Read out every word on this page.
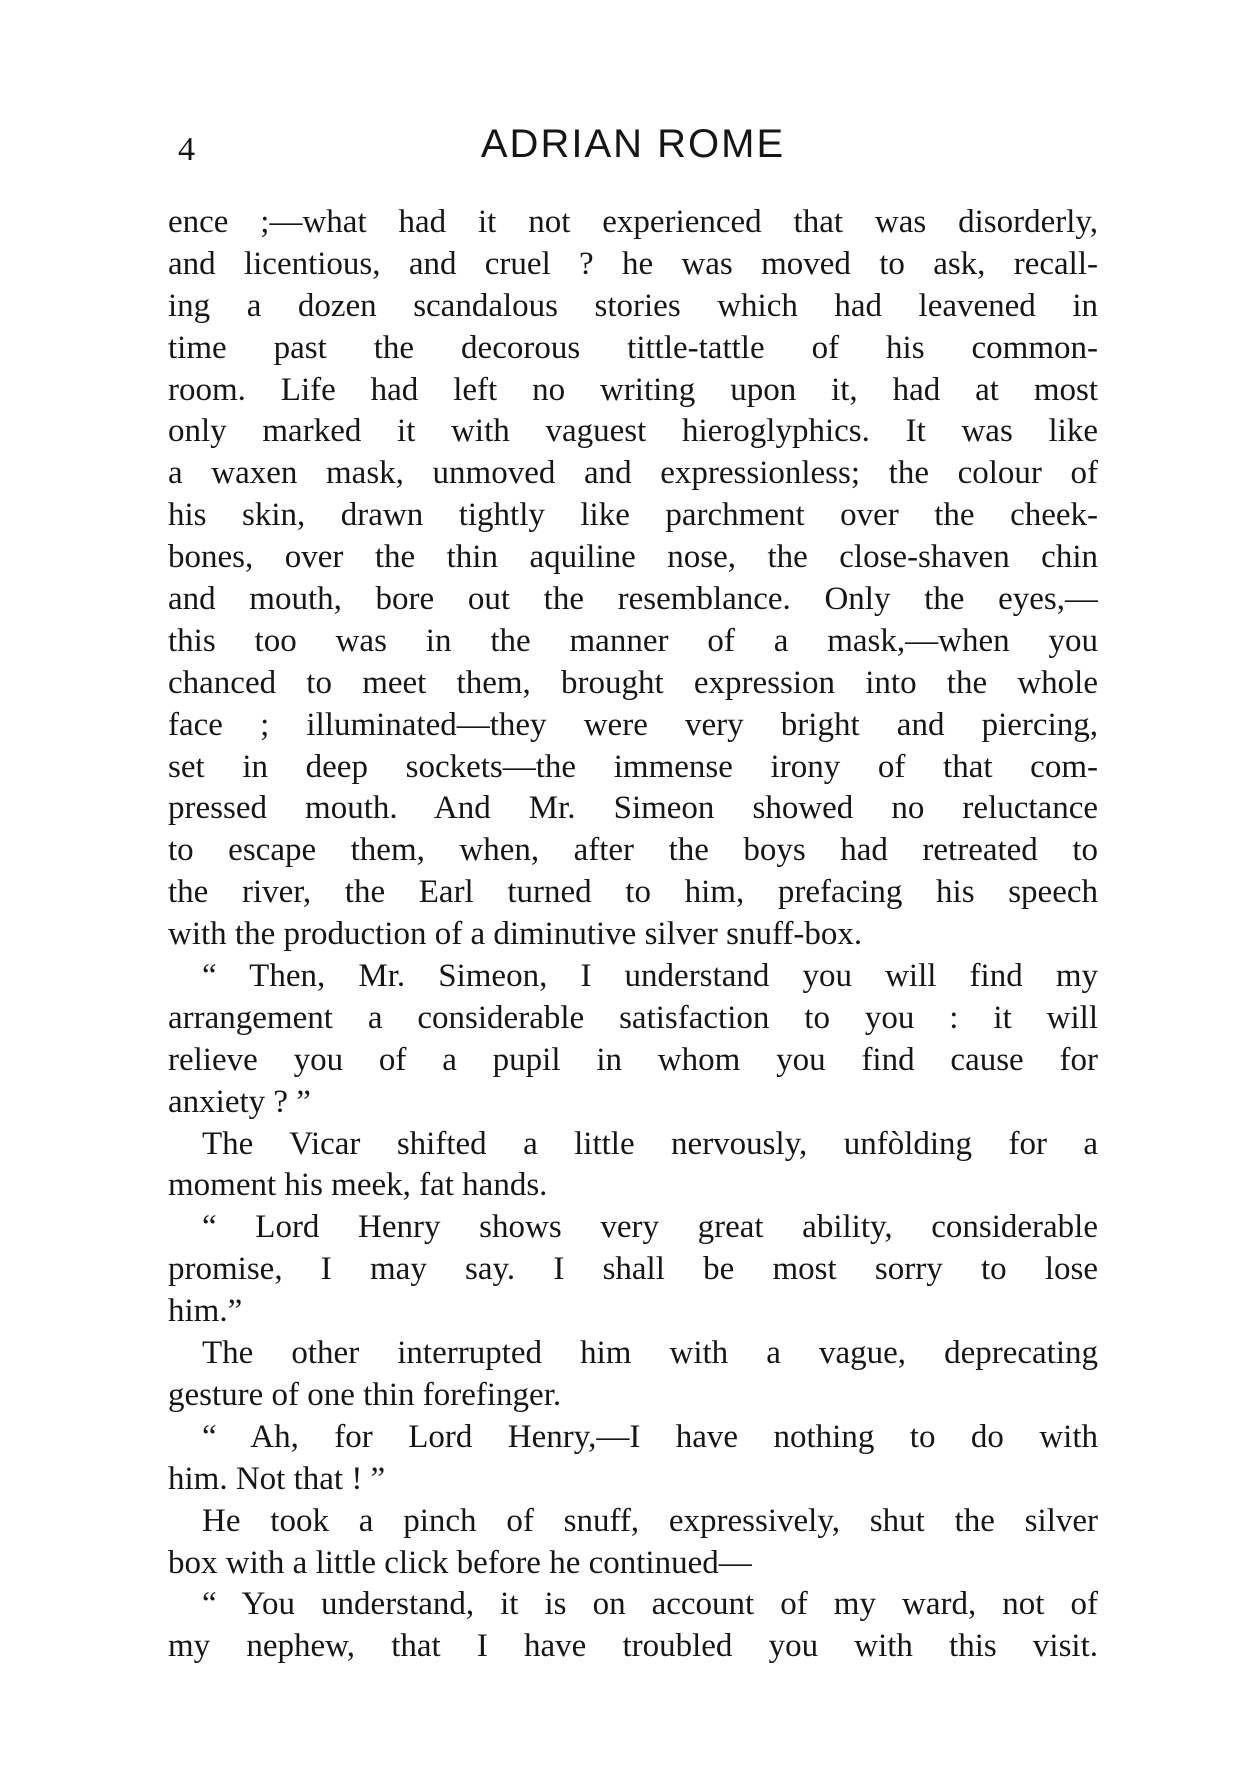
4	ADRIAN ROME
ence ;—what had it not experienced that was disorderly,
and licentious, and cruel ? he was moved to ask, recall-
ing a dozen scandalous stories which had leavened in
time past the decorous tittle-tattle of his common-
room. Life had left no writing upon it, had at most
only marked it with vaguest hieroglyphics. It was like
a waxen mask, unmoved and expressionless; the colour of
his skin, drawn tightly like parchment over the cheek-
bones, over the thin aquiline nose, the close-shaven chin
and mouth, bore out the resemblance. Only the eyes,—
this too was in the manner of a mask,—when you
chanced to meet them, brought expression into the whole
face ; illuminated—they were very bright and piercing,
set in deep sockets—the immense irony of that com-
pressed mouth. And Mr. Simeon showed no reluctance
to escape them, when, after the boys had retreated to
the river, the Earl turned to him, prefacing his speech
with the production of a diminutive silver snuff-box.
“ Then, Mr. Simeon, I understand you will find my
arrangement a considerable satisfaction to you : it will
relieve you of a pupil in whom you find cause for
anxiety ? ”
The Vicar shifted a little nervously, unfòlding for a
moment his meek, fat hands.
“ Lord Henry shows very great ability, considerable
promise, I may say. I shall be most sorry to lose
him.”
The other interrupted him with a vague, deprecating
gesture of one thin forefinger.
“ Ah, for Lord Henry,—I have nothing to do with
him. Not that ! ”
He took a pinch of snuff, expressively, shut the silver
box with a little click before he continued—
“ You understand, it is on account of my ward, not of
my nephew, that I have troubled you with this visit.
